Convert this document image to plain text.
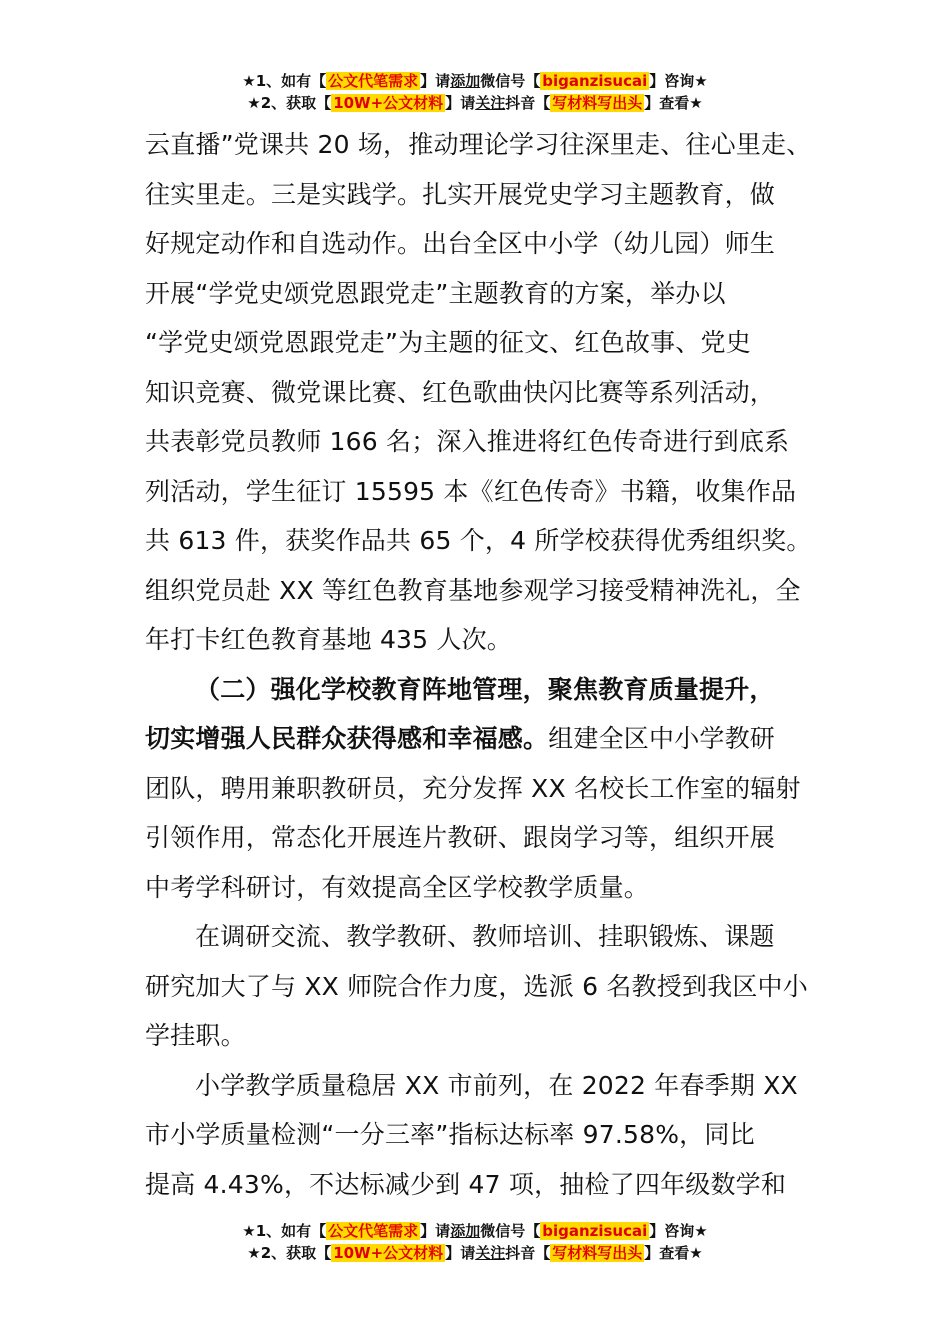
★1、如有【 公文代笔需求 】请添加微信号【 biganzisucai 】咨询★
★2、获取【 10W+公文材料 】请关注抖音【 写材料写出头 】查看★

云直播”党课共 20 场，推动理论学习往深里走、往心里走、
往实里走。三是实践学。扎实开展党史学习主题教育，做
好规定动作和自选动作。出台全区中小学（幼儿园）师生
开展“学党史颂党恩跟党走”主题教育的方案，举办以
“学党史颂党恩跟党走”为主题的征文、红色故事、党史
知识竞赛、微党课比赛、红色歌曲快闪比赛等系列活动，
共表彰党员教师 166 名；深入推进将红色传奇进行到底系
列活动，学生征订 15595 本《红色传奇》书籍，收集作品
共 613 件，获奖作品共 65 个，4 所学校获得优秀组织奖。
组织党员赴 XX 等红色教育基地参观学习接受精神洗礼，全
年打卡红色教育基地 435 人次。

（二）强化学校教育阵地管理，聚焦教育质量提升，
切实增强人民群众获得感和幸福感。组建全区中小学教研
团队，聘用兼职教研员，充分发挥 XX 名校长工作室的辐射
引领作用，常态化开展连片教研、跟岗学习等，组织开展
中考学科研讨，有效提高全区学校教学质量。

在调研交流、教学教研、教师培训、挂职锻炼、课题
研究加大了与 XX 师院合作力度，选派 6 名教授到我区中小
学挂职。

小学教学质量稳居 XX 市前列，在 2022 年春季期 XX
市小学质量检测“一分三率”指标达标率 97.58%，同比
提高 4.43%，不达标减少到 47 项，抽检了四年级数学和

★1、如有【 公文代笔需求 】请添加微信号【 biganzisucai 】咨询★
★2、获取【 10W+公文材料 】请关注抖音【 写材料写出头 】查看★
